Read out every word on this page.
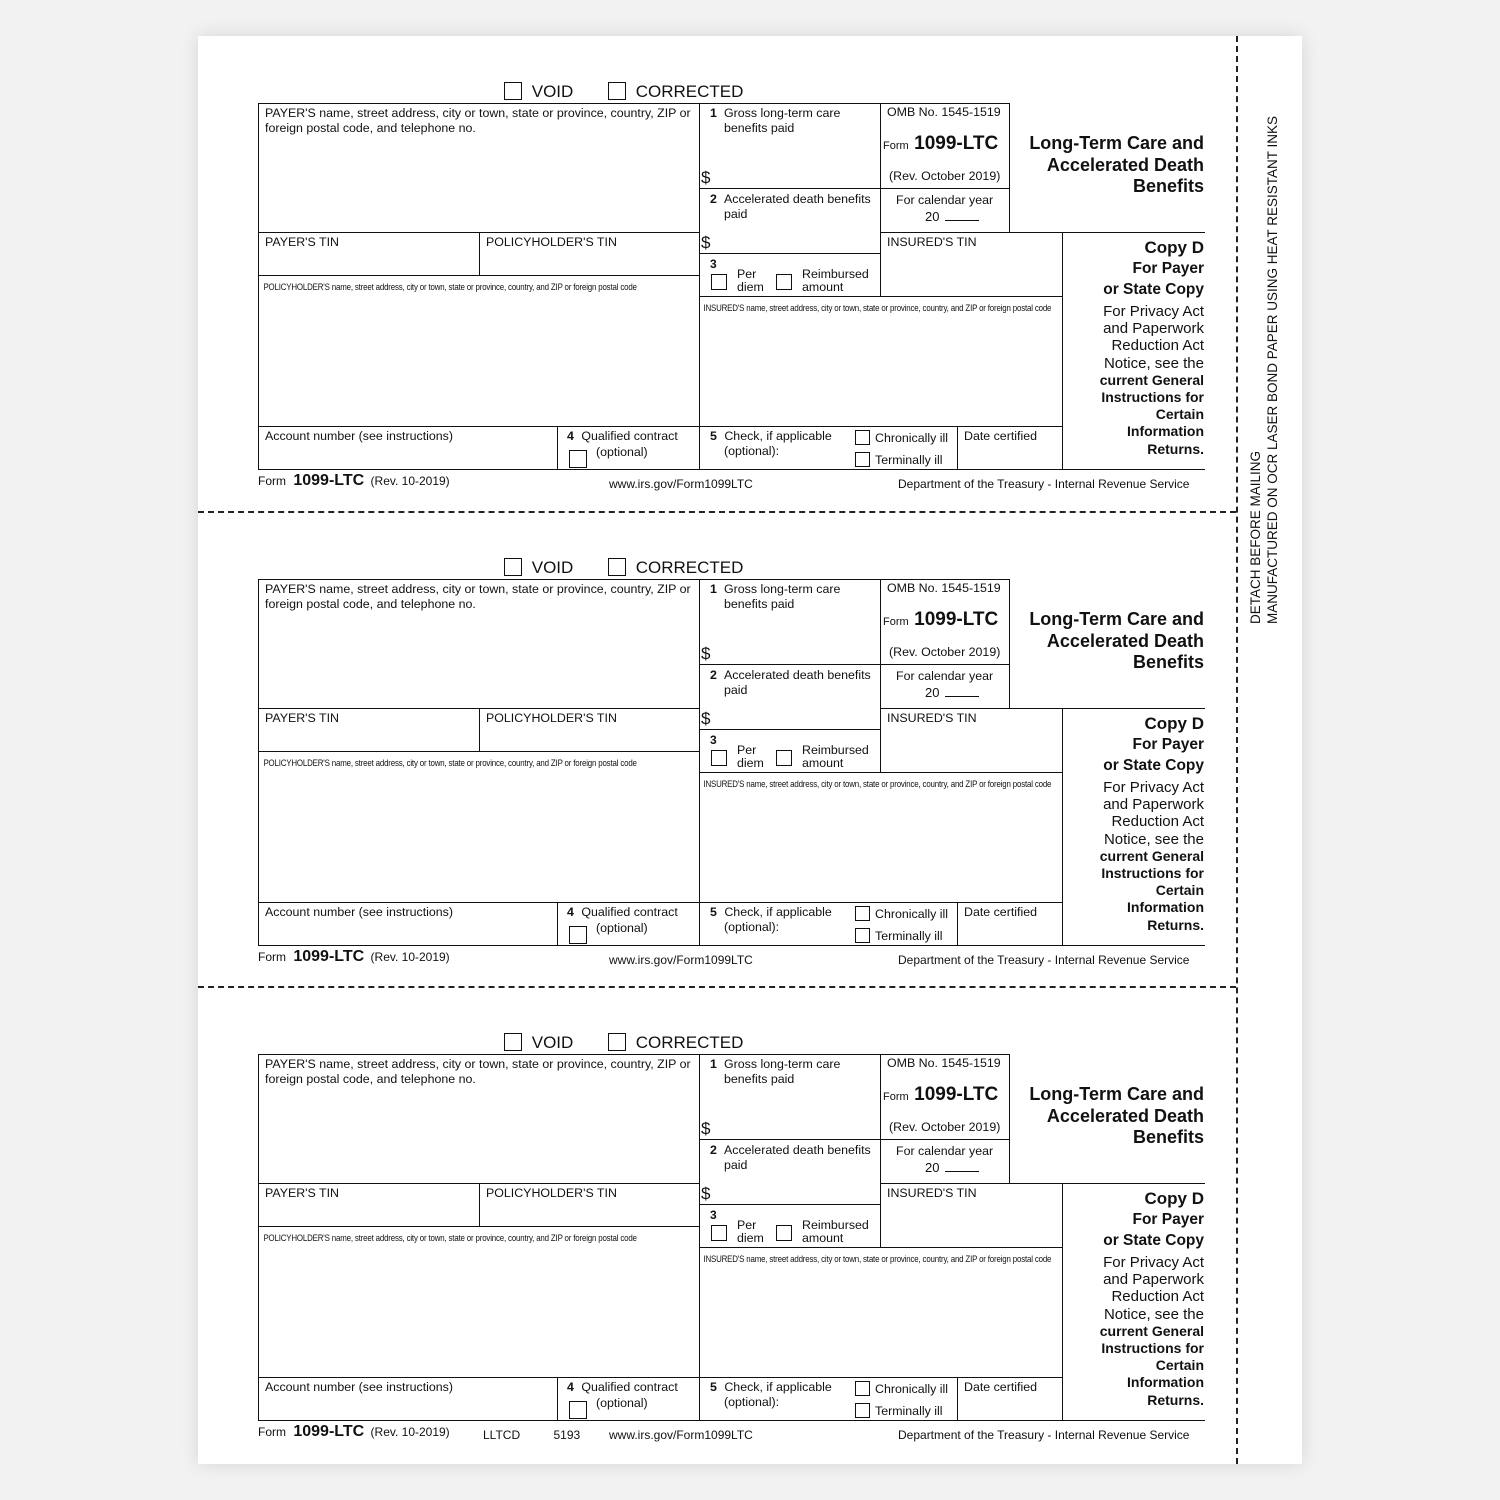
DETACH BEFORE MAILING MANUFACTURED ON OCR LASER BOND PAPER USING HEAT RESISTANT INKS
VOID	CORRECTED
PAYER'S name, street address, city or town, state or province, country, ZIP or foreign postal code, and telephone no.
PAYER'S TIN	POLICYHOLDER'S TIN
POLICYHOLDER'S name, street address, city or town, state or province, country, and ZIP or foreign postal code
Account number (see instructions)	4 Qualified contract
(optional)
1 Gross long-term care benefits paid
$
2 Accelerated death benefits paid
$
3
Per
diem
Reimbursed
amount
OMB No. 1545-1519
Form 1099-LTC
(Rev. October 2019)
For calendar year
20
INSURED'S TIN
INSURED'S name, street address, city or town, state or province, country, and ZIP or foreign postal code
5 Check, if applicable
(optional):
Chronically ill
Terminally ill
Date certified
Long-Term Care and
Accelerated Death
Benefits
Copy D
For Payer
or State Copy
For Privacy Act
and Paperwork
Reduction Act
Notice, see the
current General
Instructions for
Certain
Information
Returns.
Form 1099-LTC (Rev. 10-2019)	www.irs.gov/Form1099LTC	Department of the Treasury - Internal Revenue Service
VOID	CORRECTED
PAYER'S name, street address, city or town, state or province, country, ZIP or foreign postal code, and telephone no.
PAYER'S TIN	POLICYHOLDER'S TIN
POLICYHOLDER'S name, street address, city or town, state or province, country, and ZIP or foreign postal code
Account number (see instructions)	4 Qualified contract
(optional)
1 Gross long-term care benefits paid
$
2 Accelerated death benefits paid
$
3
Per
diem
Reimbursed
amount
OMB No. 1545-1519
Form 1099-LTC
(Rev. October 2019)
For calendar year
20
INSURED'S TIN
INSURED'S name, street address, city or town, state or province, country, and ZIP or foreign postal code
5 Check, if applicable
(optional):
Chronically ill
Terminally ill
Date certified
Long-Term Care and
Accelerated Death
Benefits
Copy D
For Payer
or State Copy
For Privacy Act
and Paperwork
Reduction Act
Notice, see the
current General
Instructions for
Certain
Information
Returns.
Form 1099-LTC (Rev. 10-2019)	www.irs.gov/Form1099LTC	Department of the Treasury - Internal Revenue Service
VOID	CORRECTED
PAYER'S name, street address, city or town, state or province, country, ZIP or foreign postal code, and telephone no.
PAYER'S TIN	POLICYHOLDER'S TIN
POLICYHOLDER'S name, street address, city or town, state or province, country, and ZIP or foreign postal code
Account number (see instructions)	4 Qualified contract
(optional)
1 Gross long-term care benefits paid
$
2 Accelerated death benefits paid
$
3
Per
diem
Reimbursed
amount
OMB No. 1545-1519
Form 1099-LTC
(Rev. October 2019)
For calendar year
20
INSURED'S TIN
INSURED'S name, street address, city or town, state or province, country, and ZIP or foreign postal code
5 Check, if applicable
(optional):
Chronically ill
Terminally ill
Date certified
Long-Term Care and
Accelerated Death
Benefits
Copy D
For Payer
or State Copy
For Privacy Act
and Paperwork
Reduction Act
Notice, see the
current General
Instructions for
Certain
Information
Returns.
Form 1099-LTC (Rev. 10-2019)	LLTCD	5193 www.irs.gov/Form1099LTC	Department of the Treasury - Internal Revenue Service
